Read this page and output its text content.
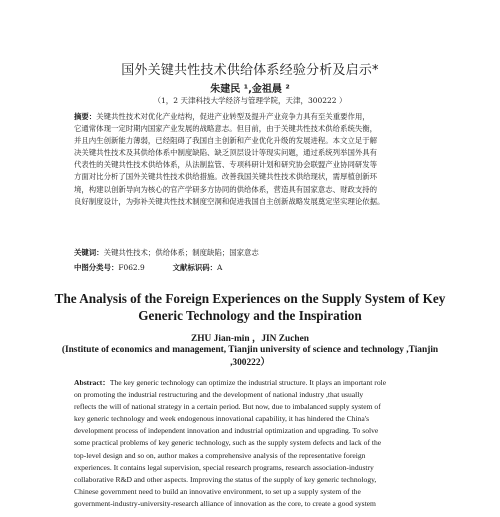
国外关键共性技术供给体系经验分析及启示*
朱建民 ¹,金祖晨 ²
（1，2 天津科技大学经济与管理学院，天津，300222 ）
摘要：关键共性技术对优化产业结构，促进产业转型及提升产业竞争力具有至关重要作用，
它通常体现一定时期内国家产业发展的战略意志。但目前，由于关键共性技术供给系统失衡，
并且内生创新能力薄弱，已经阻碍了我国自主创新和产业优化升级的发展进程。本文立足于解
决关键共性技术及其供给体系中制度缺陷、缺乏顶层设计等现实问题，通过系统列举国外具有
代表性的关键共性技术供给体系，从法制监管、专项科研计划和研究协会联盟产业协同研发等
方面对比分析了国外关键共性技术供给措施。改善我国关键共性技术供给现状，需厚植创新环
境，构建以创新导向为核心的官产学研多方协同的供给体系，营造具有国家意志、财政支持的
良好制度设计，为弥补关键共性技术制度空洞和促进我国自主创新战略发展奠定坚实理论依据。
关键词：关键共性技术；供给体系；制度缺陷；国家意志
中图分类号：F062.9	文献标识码：A
The Analysis of the Foreign Experiences on the Supply System of Key Generic Technology and the Inspiration
ZHU Jian-min ，JIN Zuchen
(Institute of economics and management, Tianjin university of science and technology ,Tianjin ,300222）
Abstract：The key generic technology can optimize the industrial structure. It plays an important role
on promoting the industrial restructuring and the development of national industry ,that usually
reflects the will of national strategy in a certain period. But now, due to imbalanced supply system of
key generic technology and week endogenous innovational capability, it has hindered the China's
development process of independent innovation and industrial optimization and upgrading. To solve
some practical problems of key generic technology, such as the supply system defects and lack of the
top-level design and so on, author makes a comprehensive analysis of the representative foreign
experiences. It contains legal supervision, special research programs, research association-industry
collaborative R&D and other aspects. Improving the status of the supply of key generic technology,
Chinese government need to build an innovative environment, to set up a supply system of the
government-industry-university-research alliance of innovation as the core, to create a good system
